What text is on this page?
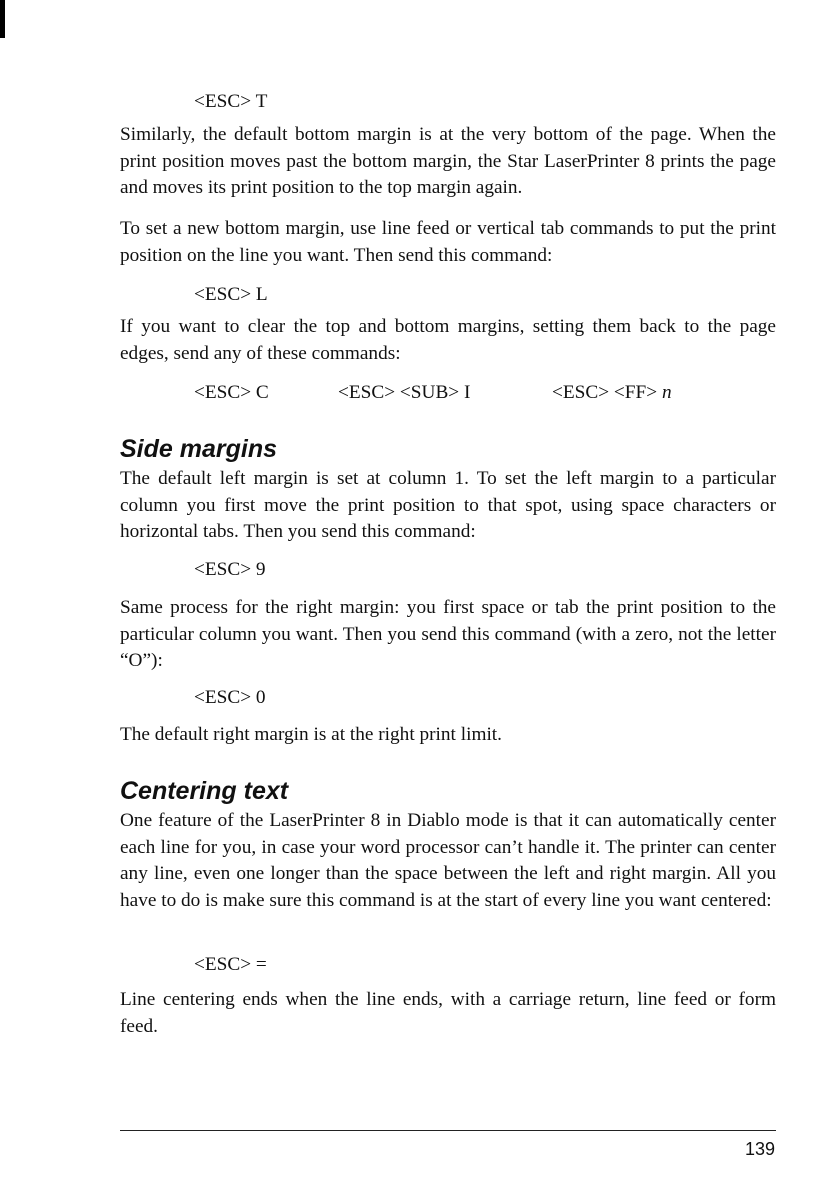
<ESC> T

Similarly, the default bottom margin is at the very bottom of the page. When the print position moves past the bottom margin, the Star LaserPrinter 8 prints the page and moves its print position to the top margin again.

To set a new bottom margin, use line feed or vertical tab commands to put the print position on the line you want. Then send this command:

<ESC> L

If you want to clear the top and bottom margins, setting them back to the page edges, send any of these commands:

<ESC> C	<ESC> <SUB> I	<ESC> <FF> n
Side margins

The default left margin is set at column 1. To set the left margin to a particular column you first move the print position to that spot, using space characters or horizontal tabs. Then you send this command:

<ESC> 9

Same process for the right margin: you first space or tab the print position to the particular column you want. Then you send this command (with a zero, not the letter “O”):

<ESC> 0

The default right margin is at the right print limit.

Centering text

One feature of the LaserPrinter 8 in Diablo mode is that it can automatically center each line for you, in case your word processor can’t handle it. The printer can center any line, even one longer than the space between the left and right margin. All you have to do is make sure this command is at the start of every line you want centered:

<ESC> =

Line centering ends when the line ends, with a carriage return, line feed or form feed.

139
